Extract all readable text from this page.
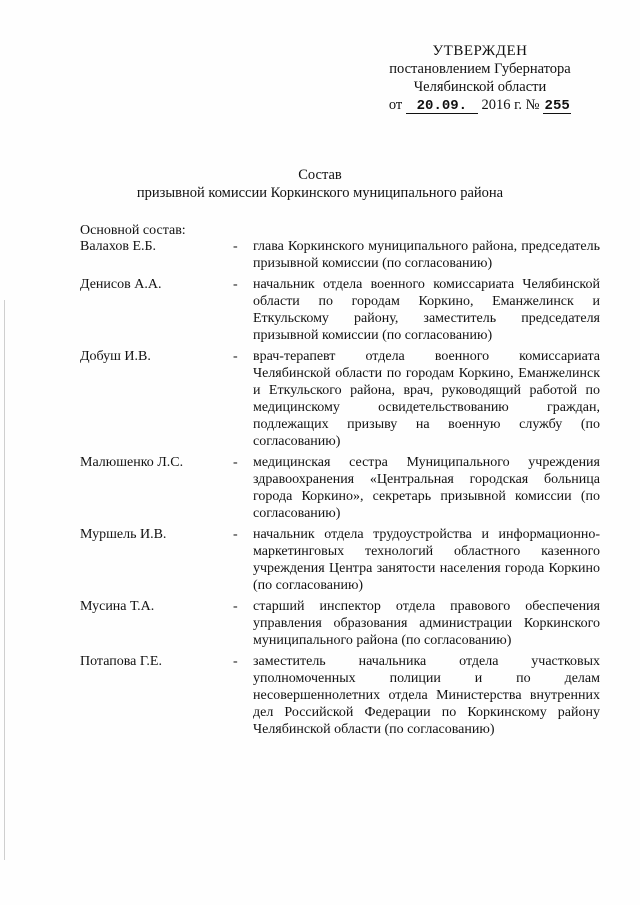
УТВЕРЖДЕН
постановлением Губернатора
Челябинской области
от 20.09. 2016 г. № 255
Состав
призывной комиссии Коркинского муниципального района
Основной состав:
Валахов Е.Б.	- глава Коркинского муниципального района, председатель призывной комиссии (по согласованию)
Денисов А.А.	- начальник отдела военного комиссариата Челябинской области по городам Коркино, Еманжелинск и Еткульскому району, заместитель председателя призывной комиссии (по согласованию)
Добуш И.В.	- врач-терапевт отдела военного комиссариата Челябинской области по городам Коркино, Еманжелинск и Еткульского района, врач, руководящий работой по медицинскому освидетельствованию граждан, подлежащих призыву на военную службу (по согласованию)
Малюшенко Л.С.	- медицинская сестра Муниципального учреждения здравоохранения «Центральная городская больница города Коркино», секретарь призывной комиссии (по согласованию)
Муршель И.В.	- начальник отдела трудоустройства и информационно-маркетинговых технологий областного казенного учреждения Центра занятости населения города Коркино (по согласованию)
Мусина Т.А.	- старший инспектор отдела правового обеспечения управления образования администрации Коркинского муниципального района (по согласованию)
Потапова Г.Е.	- заместитель начальника отдела участковых уполномоченных полиции и по делам несовершеннолетних отдела Министерства внутренних дел Российской Федерации по Коркинскому району Челябинской области (по согласованию)
